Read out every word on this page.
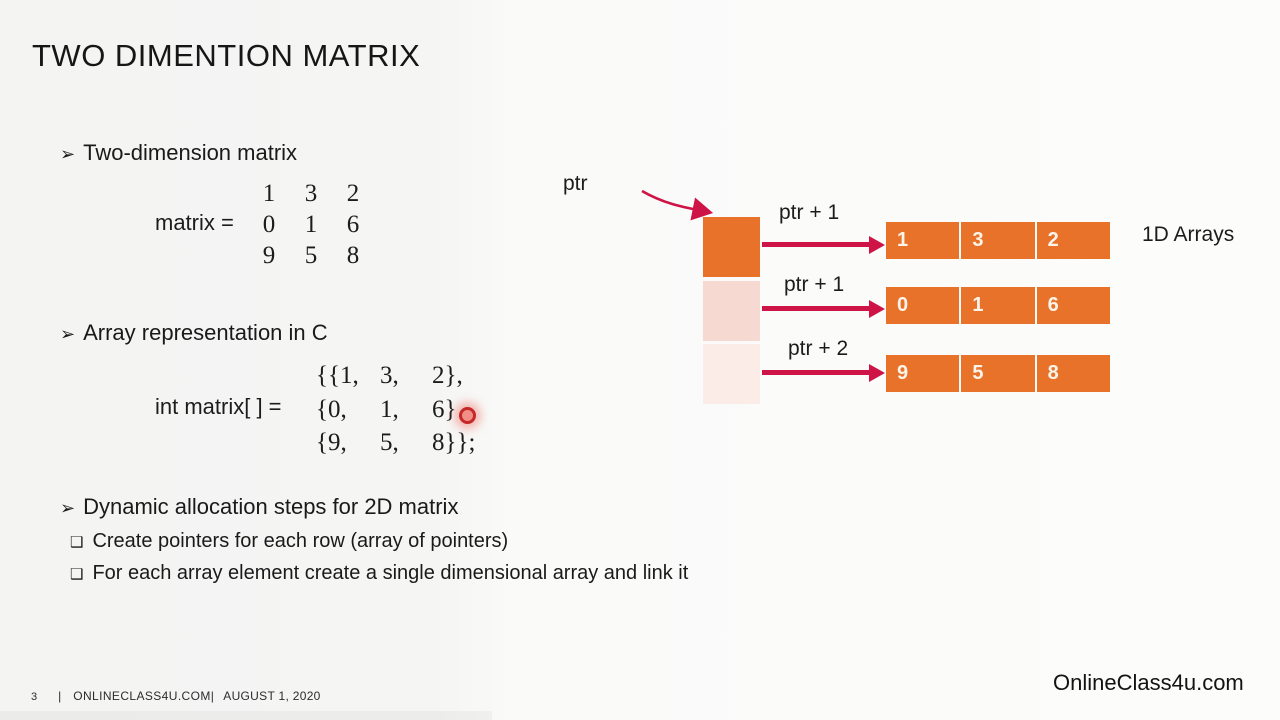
TWO DIMENTION MATRIX
➢ Two-dimension matrix
matrix =
1	3	2
0	1	6
9	5	8
➢ Array representation in C
int matrix[ ] =
{{1, 3,	2},
{0,	1,	6}
{9,	5,	8}};
➢ Dynamic allocation steps for 2D matrix
❑ Create pointers for each row (array of pointers)
❑ For each array element create a single dimensional array and link it
ptr
ptr + 1
ptr + 1
ptr + 2
1	3	2
0	1	6
9	5	8
1D Arrays
3 | ONLINECLASS4U.COM| AUGUST 1, 2020
OnlineClass4u.com
